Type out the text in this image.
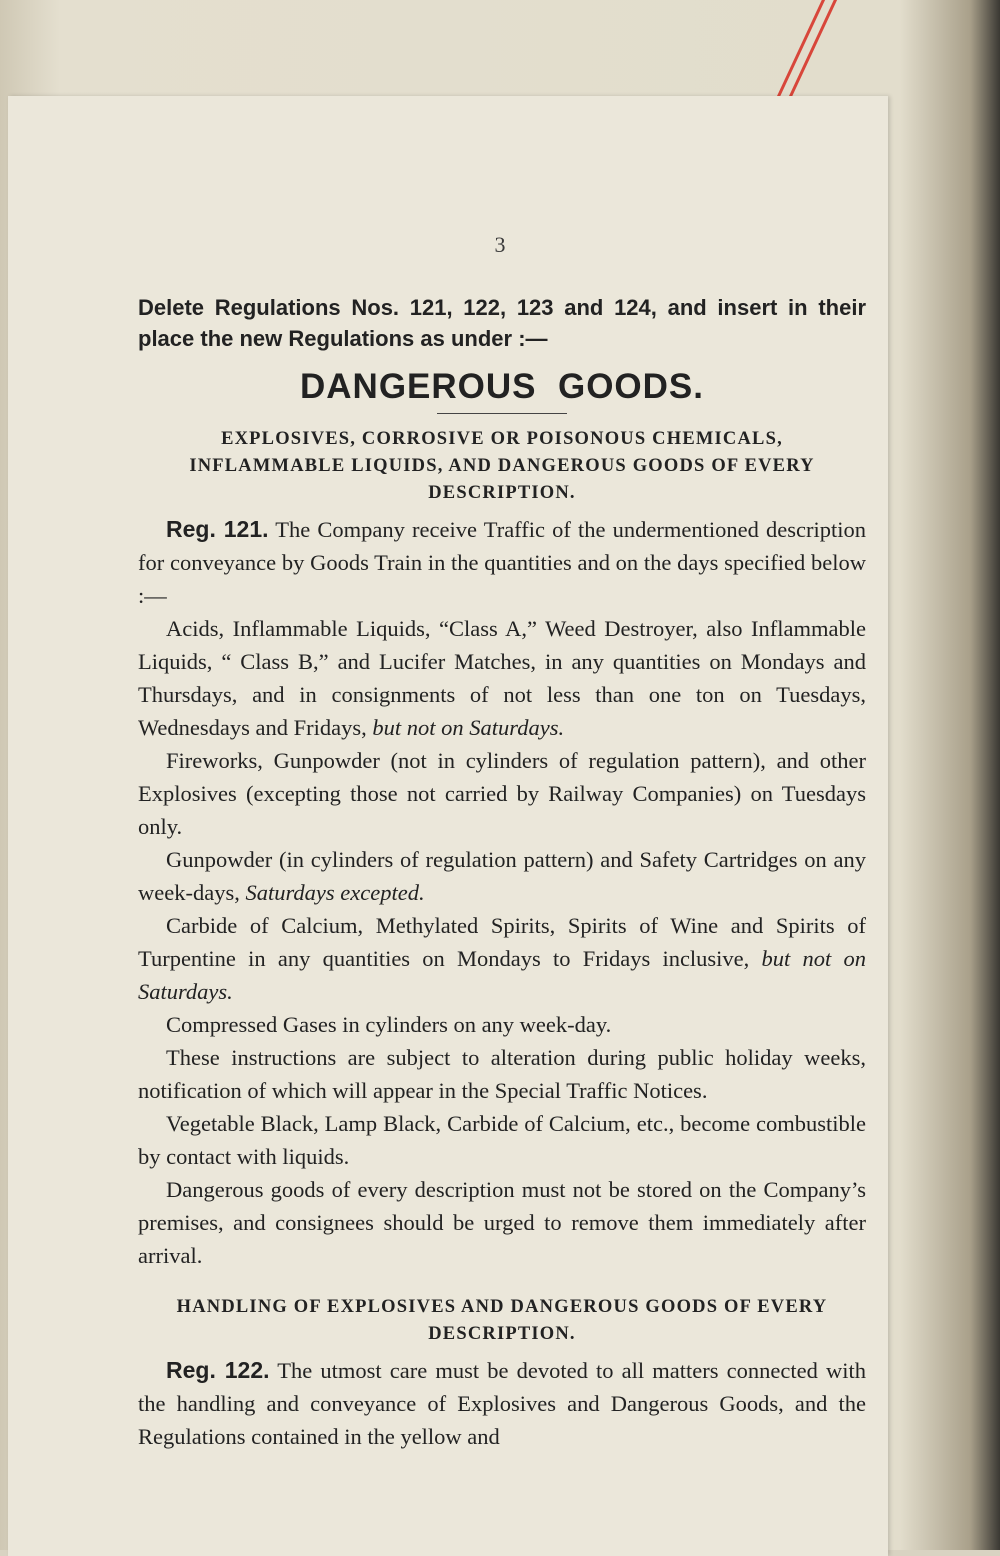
3

Delete Regulations Nos. 121, 122, 123 and 124, and insert in their place the new Regulations as under :—

DANGEROUS  GOODS.

EXPLOSIVES, CORROSIVE OR POISONOUS CHEMICALS, INFLAMMABLE LIQUIDS, AND DANGEROUS GOODS OF EVERY DESCRIPTION.

Reg. 121. The Company receive Traffic of the undermentioned description for conveyance by Goods Train in the quantities and on the days specified below :—

Acids, Inflammable Liquids, “Class A,” Weed Destroyer, also Inflammable Liquids, “ Class B,” and Lucifer Matches, in any quantities on Mondays and Thursdays, and in consignments of not less than one ton on Tuesdays, Wednesdays and Fridays, but not on Saturdays.

Fireworks, Gunpowder (not in cylinders of regulation pattern), and other Explosives (excepting those not carried by Railway Companies) on Tuesdays only.

Gunpowder (in cylinders of regulation pattern) and Safety Cartridges on any week-days, Saturdays excepted.

Carbide of Calcium, Methylated Spirits, Spirits of Wine and Spirits of Turpentine in any quantities on Mondays to Fridays inclusive, but not on Saturdays.

Compressed Gases in cylinders on any week-day.

These instructions are subject to alteration during public holiday weeks, notification of which will appear in the Special Traffic Notices.

Vegetable Black, Lamp Black, Carbide of Calcium, etc., become combustible by contact with liquids.

Dangerous goods of every description must not be stored on the Company’s premises, and consignees should be urged to remove them immediately after arrival.

HANDLING OF EXPLOSIVES AND DANGEROUS GOODS OF EVERY DESCRIPTION.

Reg. 122. The utmost care must be devoted to all matters connected with the handling and conveyance of Explosives and Dangerous Goods, and the Regulations contained in the yellow and
